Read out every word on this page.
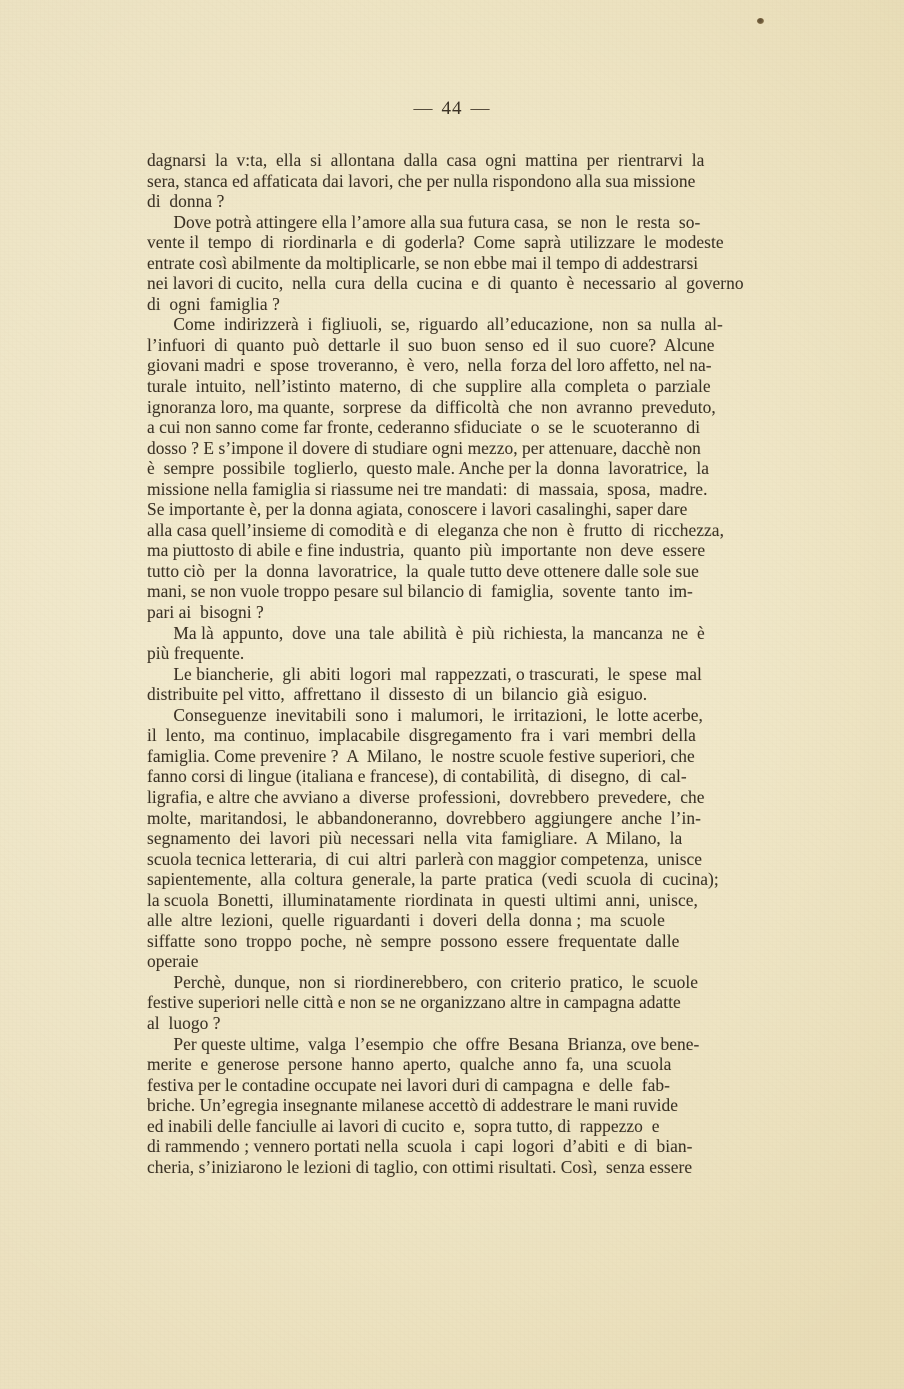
— 44 —
dagnarsi  la  v:ta,  ella  si  allontana  dalla  casa  ogni  mattina  per  rientrarvi  la
sera, stanca ed affaticata dai lavori, che per nulla rispondono alla sua missione
di  donna ?
Dove potrà attingere ella l’amore alla sua futura casa,  se  non  le  resta  so-
vente il  tempo  di  riordinarla  e  di  goderla?  Come  saprà  utilizzare  le  modeste
entrate così abilmente da moltiplicarle, se non ebbe mai il tempo di addestrarsi
nei lavori di cucito,  nella  cura  della  cucina  e  di  quanto  è  necessario  al  governo
di  ogni  famiglia ?
Come  indirizzerà  i  figliuoli,  se,  riguardo  all’educazione,  non  sa  nulla  al-
l’infuori  di  quanto  può  dettarle  il  suo  buon  senso  ed  il  suo  cuore?  Alcune
giovani madri  e  spose  troveranno,  è  vero,  nella  forza del loro affetto, nel na-
turale  intuito,  nell’istinto  materno,  di  che  supplire  alla  completa  o  parziale
ignoranza loro, ma quante,  sorprese  da  difficoltà  che  non  avranno  preveduto,
a cui non sanno come far fronte, cederanno sfiduciate  o  se  le  scuoteranno  di
dosso ? E s’impone il dovere di studiare ogni mezzo, per attenuare, dacchè non
è  sempre  possibile  toglierlo,  questo male. Anche per la  donna  lavoratrice,  la
missione nella famiglia si riassume nei tre mandati:  di  massaia,  sposa,  madre.
Se importante è, per la donna agiata, conoscere i lavori casalinghi, saper dare
alla casa quell’insieme di comodità e  di  eleganza che non  è  frutto  di  ricchezza,
ma piuttosto di abile e fine industria,  quanto  più  importante  non  deve  essere
tutto ciò  per  la  donna  lavoratrice,  la  quale tutto deve ottenere dalle sole sue
mani, se non vuole troppo pesare sul bilancio di  famiglia,  sovente  tanto  im-
pari ai  bisogni ?
Ma là  appunto,  dove  una  tale  abilità  è  più  richiesta, la  mancanza  ne  è
più frequente.
Le biancherie,  gli  abiti  logori  mal  rappezzati, o trascurati,  le  spese  mal
distribuite pel vitto,  affrettano  il  dissesto  di  un  bilancio  già  esiguo.
Conseguenze  inevitabili  sono  i  malumori,  le  irritazioni,  le  lotte acerbe,
il  lento,  ma  continuo,  implacabile  disgregamento  fra  i  vari  membri  della
famiglia. Come prevenire ?  A  Milano,  le  nostre scuole festive superiori, che
fanno corsi di lingue (italiana e francese), di contabilità,  di  disegno,  di  cal-
ligrafia, e altre che avviano a  diverse  professioni,  dovrebbero  prevedere,  che
molte,  maritandosi,  le  abbandoneranno,  dovrebbero  aggiungere  anche  l’in-
segnamento  dei  lavori  più  necessari  nella  vita  famigliare.  A  Milano,  la
scuola tecnica letteraria,  di  cui  altri  parlerà con maggior competenza,  unisce
sapientemente,  alla  coltura  generale, la  parte  pratica  (vedi  scuola  di  cucina);
la scuola  Bonetti,  illuminatamente  riordinata  in  questi  ultimi  anni,  unisce,
alle  altre  lezioni,  quelle  riguardanti  i  doveri  della  donna ;  ma  scuole
siffatte  sono  troppo  poche,  nè  sempre  possono  essere  frequentate  dalle
operaie
Perchè,  dunque,  non  si  riordinerebbero,  con  criterio  pratico,  le  scuole
festive superiori nelle città e non se ne organizzano altre in campagna adatte
al  luogo ?
Per queste ultime,  valga  l’esempio  che  offre  Besana  Brianza, ove bene-
merite  e  generose  persone  hanno  aperto,  qualche  anno  fa,  una  scuola
festiva per le contadine occupate nei lavori duri di campagna  e  delle  fab-
briche. Un’egregia insegnante milanese accettò di addestrare le mani ruvide
ed inabili delle fanciulle ai lavori di cucito  e,  sopra tutto, di  rappezzo  e
di rammendo ; vennero portati nella  scuola  i  capi  logori  d’abiti  e  di  bian-
cheria, s’iniziarono le lezioni di taglio, con ottimi risultati. Così,  senza essere
